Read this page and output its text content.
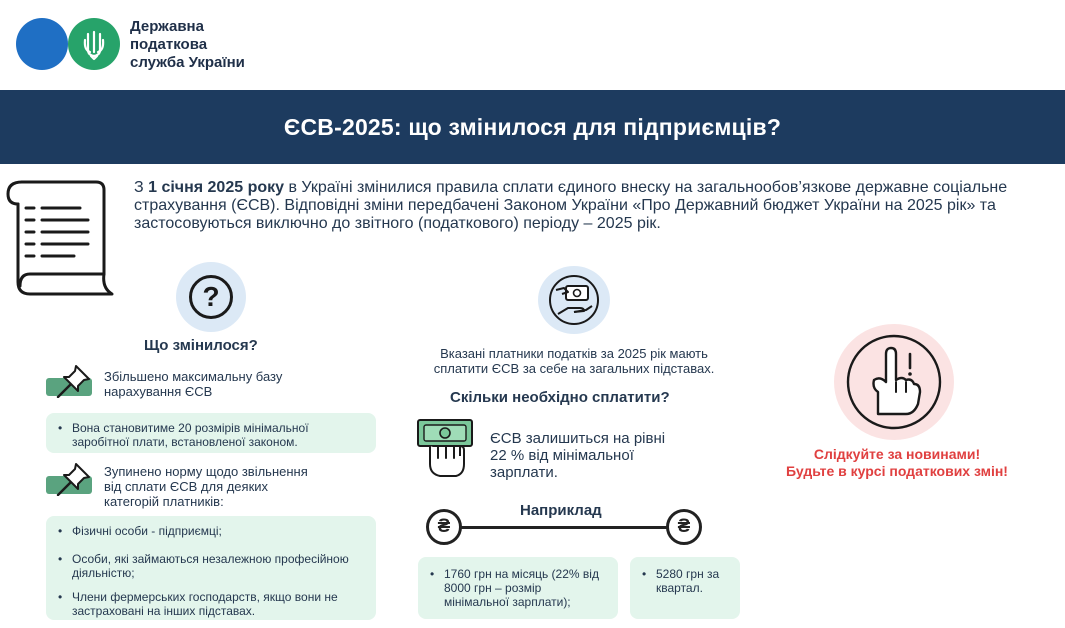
Державна
податкова
служба України
ЄСВ-2025: що змінилося для підприємців?
З 1 січня 2025 року в Україні змінилися правила сплати єдиного внеску на загальнообов’язкове державне соціальне страхування (ЄСВ). Відповідні зміни передбачені Законом України «Про Державний бюджет України на 2025 рік» та застосовуються виключно до звітного (податкового) періоду – 2025 рік.
?
Що змінилося?
Збільшено максимальну базу
нарахування ЄСВ
• Вона становитиме 20 розмірів мінімальної заробітної плати, встановленої законом.
Зупинено норму щодо звільнення
від сплати ЄСВ для деяких
категорій платників:
• Фізичні особи - підприємці;
• Особи, які займаються незалежною професійною діяльністю;
• Члени фермерських господарств, якщо вони не застраховані на інших підставах.
Вказані платники податків за 2025 рік мають
сплатити ЄСВ за себе на загальних підставах.
Скільки необхідно сплатити?
ЄСВ залишиться на рівні
22 % від мінімальної
зарплати.
Наприклад
₴	₴
• 1760 грн на місяць (22% від 8000 грн – розмір мінімальної зарплати);
• 5280 грн за квартал.
Слідкуйте за новинами!
Будьте в курсі податкових змін!
